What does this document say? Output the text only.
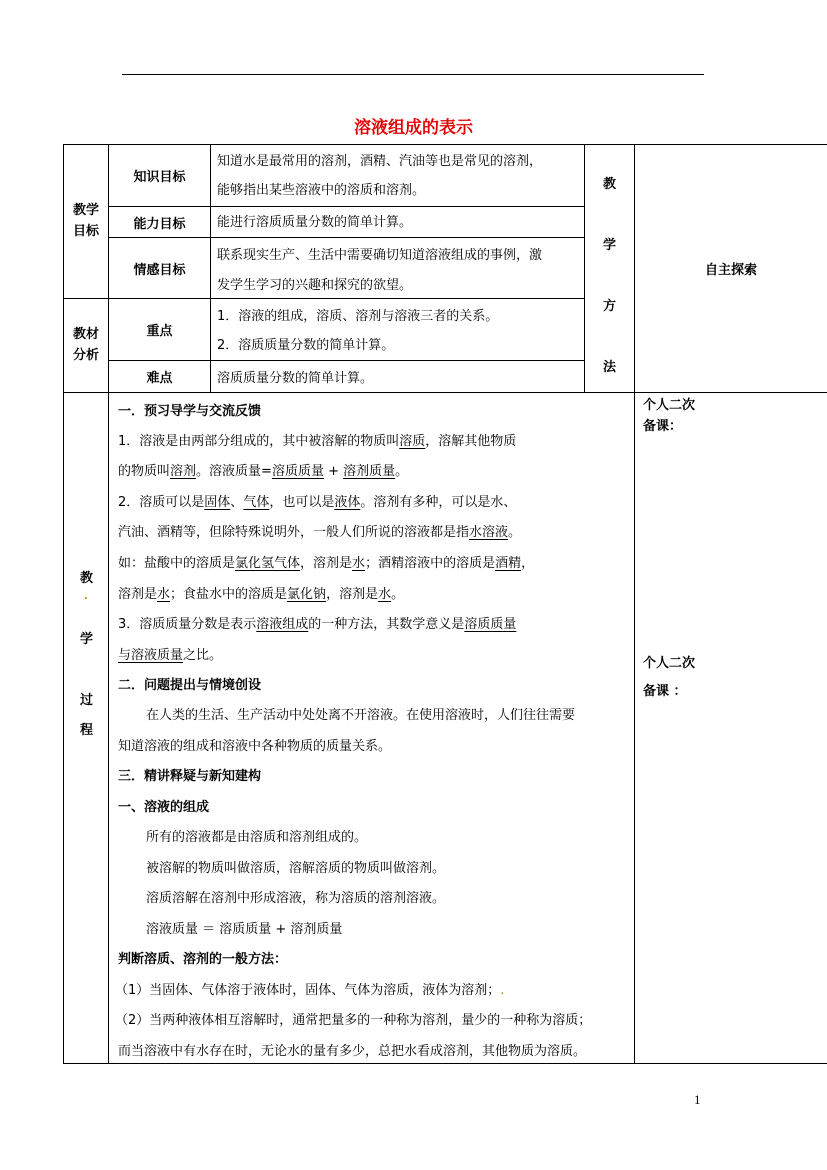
溶液组成的表示
教学
目标
知识目标
知道水是最常用的溶剂，酒精、汽油等也是常见的溶剂，
能够指出某些溶液中的溶质和溶剂。
能力目标	能进行溶质质量分数的简单计算。
情感目标
联系现实生产、生活中需要确切知道溶液组成的事例，激
发学生学习的兴趣和探究的欲望。
教材
分析
重点
1．溶液的组成，溶质、溶剂与溶液三者的关系。
2．溶质质量分数的简单计算。
难点	溶质质量分数的简单计算。
教
学
方
法
自主探索
教
.
学
过
程
一．预习导学与交流反馈
1．溶液是由两部分组成的，其中被溶解的物质叫溶质，溶解其他物质
的物质叫溶剂。溶液质量=溶质质量 + 溶剂质量。
2．溶质可以是固体、气体，也可以是液体。溶剂有多种，可以是水、
汽油、酒精等，但除特殊说明外，一般人们所说的溶液都是指水溶液。
如：盐酸中的溶质是氯化氢气体，溶剂是水；酒精溶液中的溶质是酒精，
溶剂是水；食盐水中的溶质是氯化钠，溶剂是水。
3．溶质质量分数是表示溶液组成的一种方法，其数学意义是溶质质量
与溶液质量之比。
二．问题提出与情境创设
在人类的生活、生产活动中处处离不开溶液。在使用溶液时，人们往往需要
知道溶液的组成和溶液中各种物质的质量关系。
三．精讲释疑与新知建构
一、溶液的组成
所有的溶液都是由溶质和溶剂组成的。
被溶解的物质叫做溶质，溶解溶质的物质叫做溶剂。
溶质溶解在溶剂中形成溶液，称为溶质的溶剂溶液。
溶液质量 ＝ 溶质质量 + 溶剂质量
判断溶质、溶剂的一般方法：
（1）当固体、气体溶于液体时，固体、气体为溶质，液体为溶剂；.
（2）当两种液体相互溶解时，通常把量多的一种称为溶剂，量少的一种称为溶质；
而当溶液中有水存在时，无论水的量有多少，总把水看成溶剂，其他物质为溶质。
个人二次
备课：
个人二次
备课 ：
1
